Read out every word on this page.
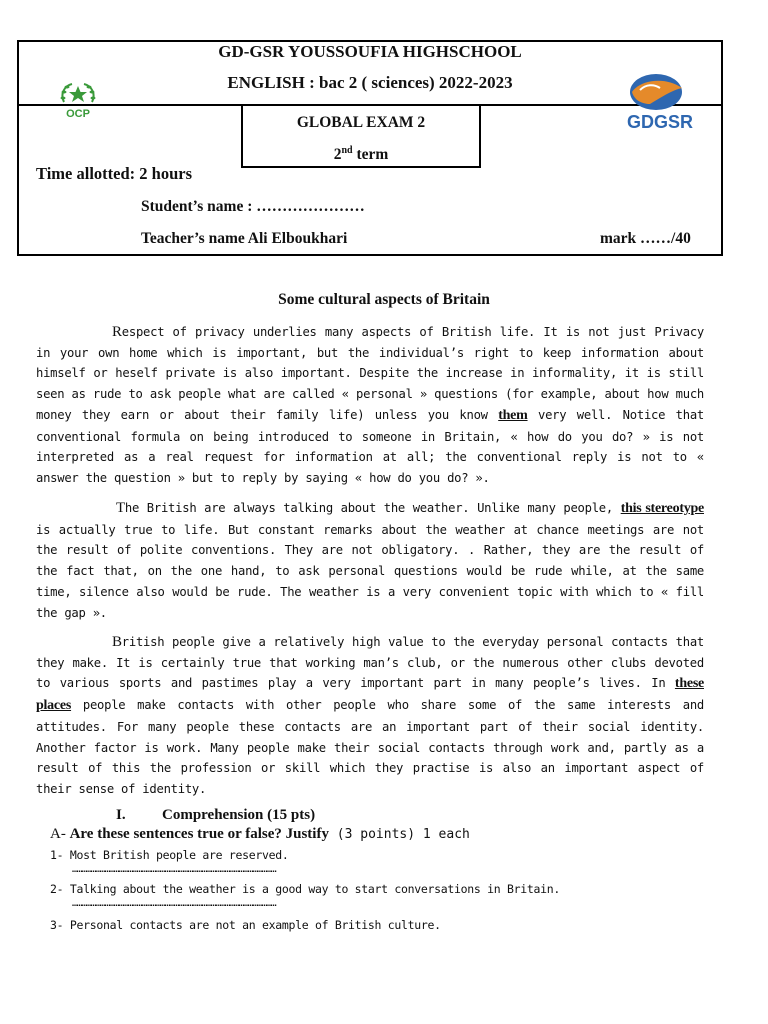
GD-GSR YOUSSOUFIA HIGHSCHOOL
ENGLISH : bac 2 ( sciences) 2022-2023
GLOBAL EXAM 2
2nd term
Time allotted: 2 hours
Student’s name : …………………
Teacher’s name Ali Elboukhari	mark ……/40
OCP	GDGSR
Some cultural aspects of Britain
Respect of privacy underlies many aspects of British life. It is not just Privacy in your own home which is important, but the individual’s right to keep information about himself or heself private is also important. Despite the increase in informality, it is still seen as rude to ask people what are called « personal » questions (for example, about how much money they earn or about their family life) unless you know them very well. Notice that conventional formula on being introduced to someone in Britain, « how do you do? » is not interpreted as a real request for information at all; the conventional reply is not to « answer the question » but to reply by saying « how do you do? ».
The British are always talking about the weather. Unlike many people, this stereotype is actually true to life. But constant remarks about the weather at chance meetings are not the result of polite conventions. They are not obligatory. . Rather, they are the result of the fact that, on the one hand, to ask personal questions would be rude while, at the same time, silence also would be rude. The weather is a very convenient topic with which to « fill the gap ».
British people give a relatively high value to the everyday personal contacts that they make. It is certainly true that working man’s club, or the numerous other clubs devoted to various sports and pastimes play a very important part in many people’s lives. In these places people make contacts with other people who share some of the same interests and attitudes. For many people these contacts are an important part of their social identity. Another factor is work. Many people make their social contacts through work and, partly as a result of this the profession or skill which they practise is also an important aspect of their sense of identity.
I. Comprehension (15 pts)
A- Are these sentences true or false? Justify (3 points) 1 each
1- Most British people are reserved.
……………………………………………………………………………………………………………………
2- Talking about the weather is a good way to start conversations in Britain.
……………………………………………………………………………………………………………………
3- Personal contacts are not an example of British culture.
